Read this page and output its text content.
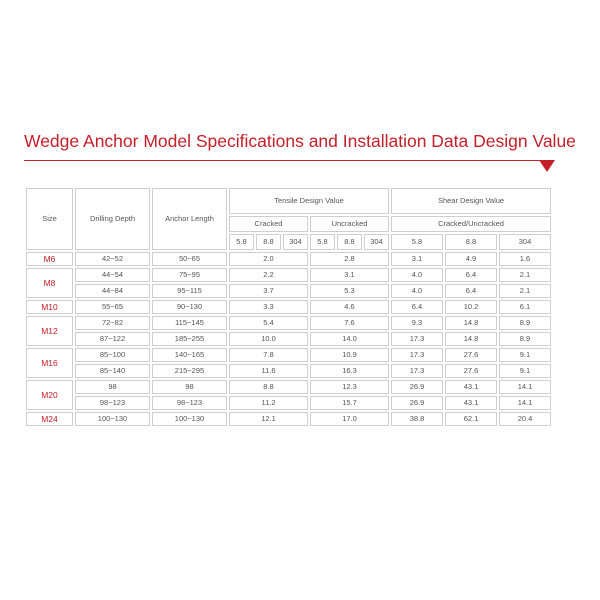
Wedge Anchor Model Specifications and Installation Data Design Value
Size	Drilling Depth	Anchor Length	Tensile Design Value						Shear Design Value		
			Cracked			Uncracked			Cracked/Uncracked		
			5.8	8.8	304	5.8	8.8	304	5.8	8.8	304
M6	42~52	50~65	2.0			2.8			3.1	4.9	1.6
M8	44~54	75~95	2.2			3.1			4.0	6.4	2.1
	44~84	95~115	3.7			5.3			4.0	6.4	2.1
M10	55~65	90~130	3.3			4.6			6.4	10.2	6.1
M12	72~82	115~145	5.4			7.6			9.3	14.8	8.9
	87~122	185~255	10.0			14.0			17.3	14.8	8.9
M16	85~100	140~165	7.8			10.9			17.3	27.6	9.1
	85~140	215~295	11.6			16.3			17.3	27.6	9.1
M20	98	98	8.8			12.3			26.9	43.1	14.1
	98~123	98~123	11.2			15.7			26.9	43.1	14.1
M24	100~130	100~130	12.1			17.0			38.8	62.1	20.4
